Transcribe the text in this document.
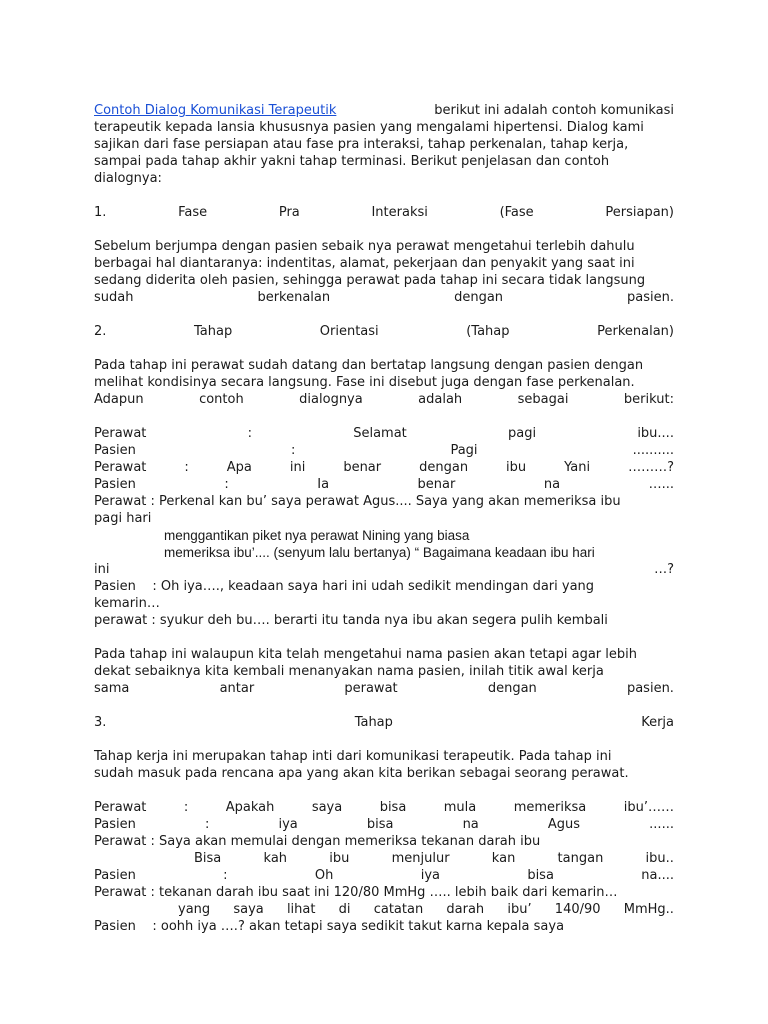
Contoh Dialog Komunikasi Terapeutik	berikut ini adalah contoh komunikasi
terapeutik kepada lansia khususnya pasien yang mengalami hipertensi. Dialog kami
sajikan dari fase persiapan atau fase pra interaksi, tahap perkenalan, tahap kerja,
sampai pada tahap akhir yakni tahap terminasi. Berikut penjelasan dan contoh
dialognya:
1.	Fase	Pra	Interaksi	(Fase	Persiapan)
Sebelum berjumpa dengan pasien sebaik nya perawat mengetahui terlebih dahulu
berbagai hal diantaranya: indentitas, alamat, pekerjaan dan penyakit yang saat ini
sedang diderita oleh pasien, sehingga perawat pada tahap ini secara tidak langsung
sudah	berkenalan	dengan	pasien.
2.	Tahap	Orientasi	(Tahap	Perkenalan)
Pada tahap ini perawat sudah datang dan bertatap langsung dengan pasien dengan
melihat kondisinya secara langsung. Fase ini disebut juga dengan fase perkenalan.
Adapun	contoh	dialognya	adalah	sebagai	berikut:
Perawat	:	Selamat	pagi	ibu....
Pasien	:	Pagi	..........
Perawat	:	Apa	ini	benar	dengan	ibu	Yani	………?
Pasien	:	Ia	benar	na	…...
Perawat : Perkenal kan bu’ saya perawat Agus.... Saya yang akan memeriksa ibu
pagi hari
menggantikan piket nya perawat Nining yang biasa
memeriksa ibu’.... (senyum lalu bertanya) “ Bagaimana keadaan ibu hari
ini	…?
Pasien    : Oh iya…., keadaan saya hari ini udah sedikit mendingan dari yang
kemarin…
perawat : syukur deh bu…. berarti itu tanda nya ibu akan segera pulih kembali
Pada tahap ini walaupun kita telah mengetahui nama pasien akan tetapi agar lebih
dekat sebaiknya kita kembali menanyakan nama pasien, inilah titik awal kerja
sama	antar	perawat	dengan	pasien.
3.	Tahap	Kerja
Tahap kerja ini merupakan tahap inti dari komunikasi terapeutik. Pada tahap ini
sudah masuk pada rencana apa yang akan kita berikan sebagai seorang perawat.
Perawat	:	Apakah	saya	bisa	mula	memeriksa	ibu’……
Pasien	:	iya	bisa	na	Agus	......
Perawat : Saya akan memulai dengan memeriksa tekanan darah ibu
Bisa	kah	ibu	menjulur	kan	tangan	ibu..
Pasien	:	Oh	iya	bisa	na....
Perawat : tekanan darah ibu saat ini 120/80 MmHg ….. lebih baik dari kemarin…
yang saya lihat di catatan darah ibu’ 140/90 MmHg..
Pasien    : oohh iya ….? akan tetapi saya sedikit takut karna kepala saya
